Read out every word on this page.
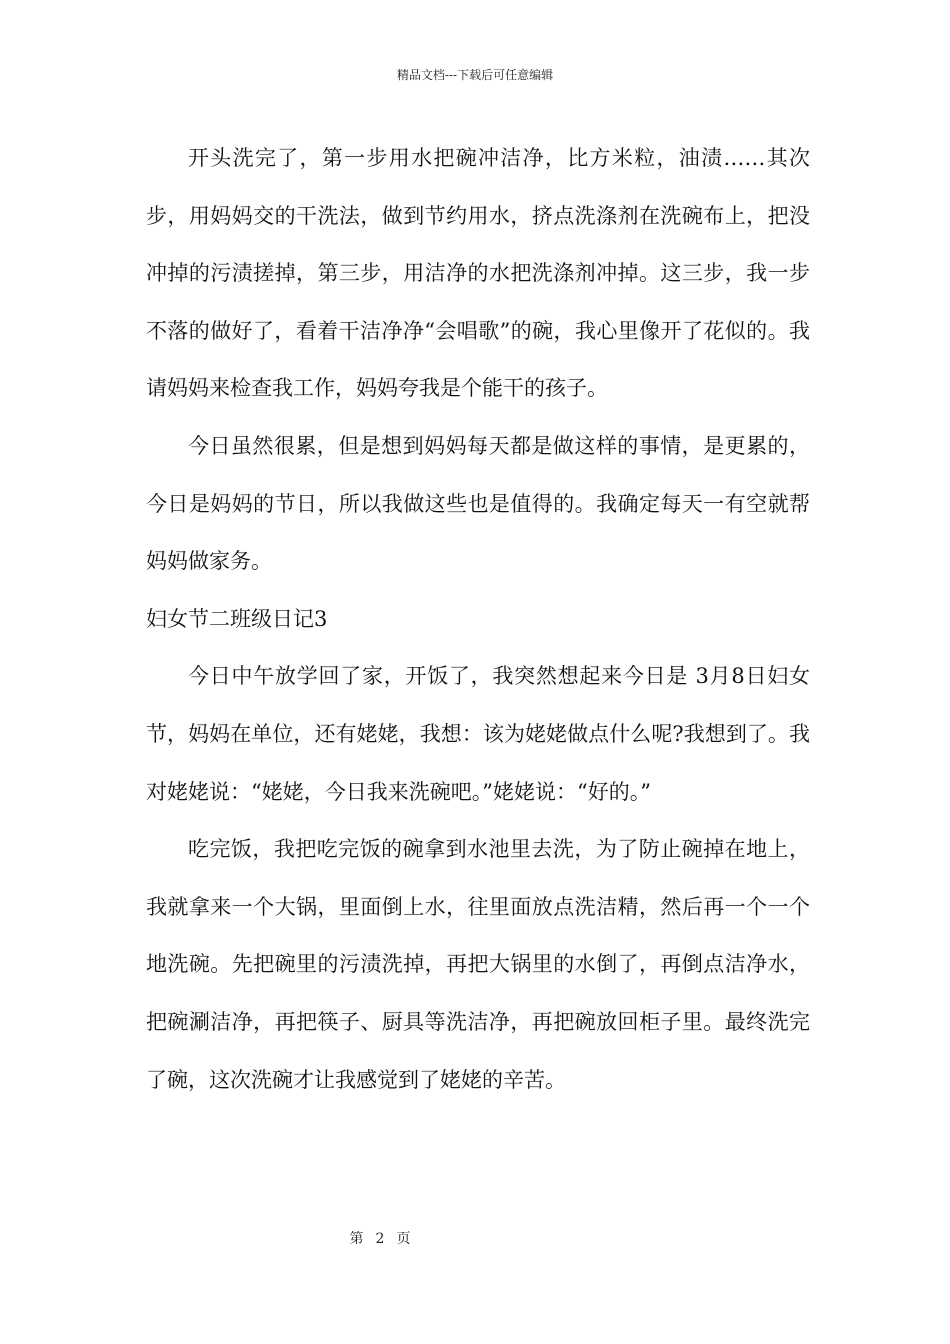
精品文档---下载后可任意编辑

开头洗完了，第一步用水把碗冲洁净，比方米粒，油渍……其次步，用妈妈交的干洗法，做到节约用水，挤点洗涤剂在洗碗布上，把没冲掉的污渍搓掉，第三步，用洁净的水把洗涤剂冲掉。这三步，我一步不落的做好了，看着干洁净净“会唱歌”的碗，我心里像开了花似的。我请妈妈来检查我工作，妈妈夸我是个能干的孩子。

今日虽然很累，但是想到妈妈每天都是做这样的事情，是更累的，今日是妈妈的节日，所以我做这些也是值得的。我确定每天一有空就帮妈妈做家务。

妇女节二班级日记3

今日中午放学回了家，开饭了，我突然想起来今日是 3月8日妇女节，妈妈在单位，还有姥姥，我想：该为姥姥做点什么呢?我想到了。我对姥姥说：“姥姥，今日我来洗碗吧。”姥姥说：“好的。”

吃完饭，我把吃完饭的碗拿到水池里去洗，为了防止碗掉在地上，我就拿来一个大锅，里面倒上水，往里面放点洗洁精，然后再一个一个地洗碗。先把碗里的污渍洗掉，再把大锅里的水倒了，再倒点洁净水，把碗涮洁净，再把筷子、厨具等洗洁净，再把碗放回柜子里。最终洗完了碗，这次洗碗才让我感觉到了姥姥的辛苦。

第 2 页
